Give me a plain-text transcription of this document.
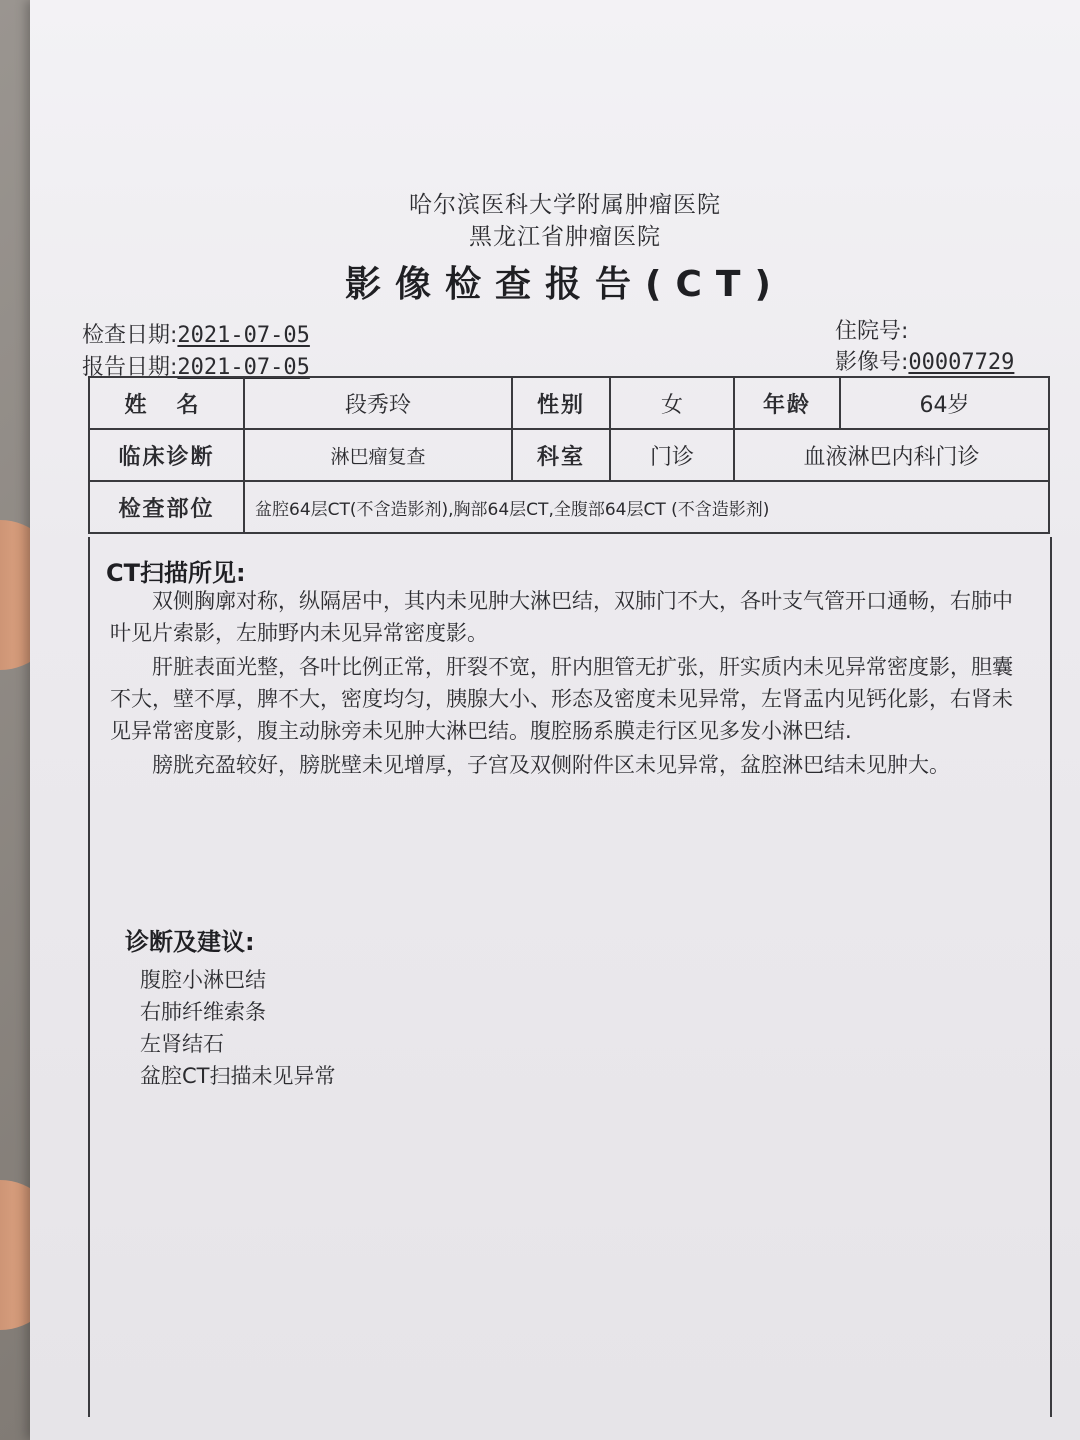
哈尔滨医科大学附属肿瘤医院
黑龙江省肿瘤医院
影像检查报告(CT)
检查日期:2021-07-05
报告日期:2021-07-05
住院号:
影像号:00007729
姓名	段秀玲	性别	女	年龄	64岁
临床诊断	淋巴瘤复查	科室	门诊	血液淋巴内科门诊	
检查部位	盆腔64层CT(不含造影剂),胸部64层CT,全腹部64层CT (不含造影剂)				
CT扫描所见:

双侧胸廓对称，纵隔居中，其内未见肿大淋巴结，双肺门不大，各叶支气管开口通畅，右肺中叶见片索影，左肺野内未见异常密度影。

肝脏表面光整，各叶比例正常，肝裂不宽，肝内胆管无扩张，肝实质内未见异常密度影，胆囊不大，壁不厚，脾不大，密度均匀，胰腺大小、形态及密度未见异常，左肾盂内见钙化影，右肾未见异常密度影，腹主动脉旁未见肿大淋巴结。腹腔肠系膜走行区见多发小淋巴结.

膀胱充盈较好，膀胱壁未见增厚，子宫及双侧附件区未见异常，盆腔淋巴结未见肿大。

诊断及建议:
腹腔小淋巴结
右肺纤维索条
左肾结石
盆腔CT扫描未见异常
